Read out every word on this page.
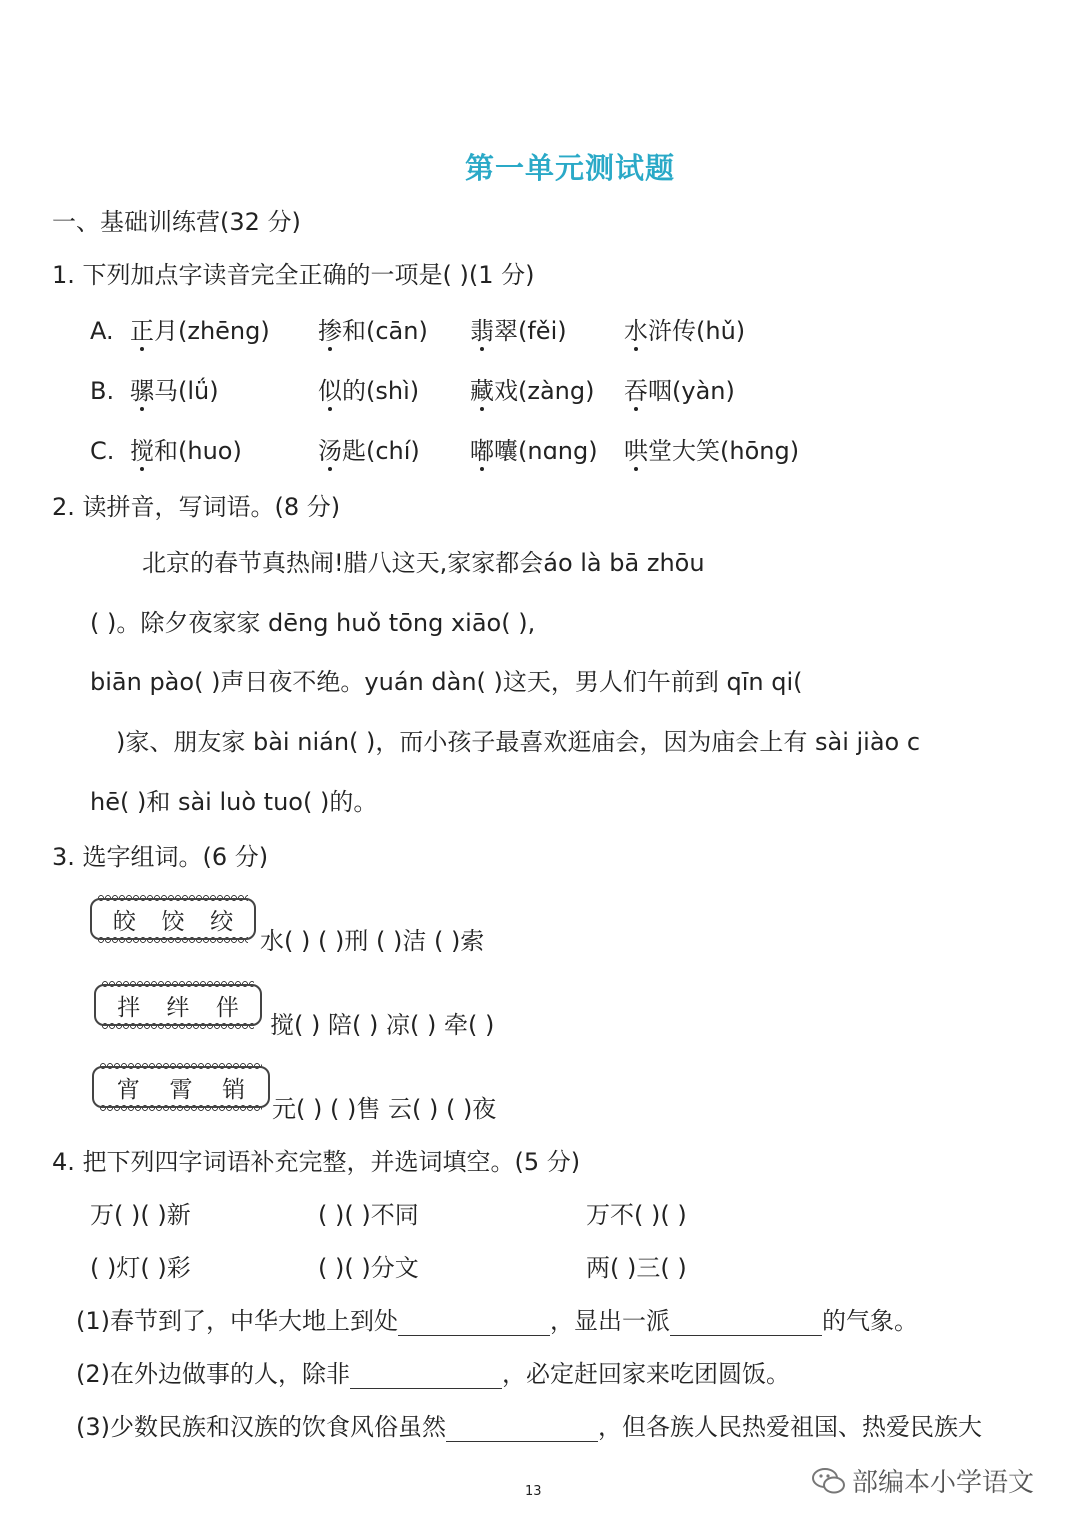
第一单元测试题
一、基础训练营(32 分)
1. 下列加点字读音完全正确的一项是( )(1 分)
A. 正月(zhēng) 掺和(cān) 翡翠(fěi) 水浒传(hǔ)
B. 骡马(lǘ)	似的(shì) 藏戏(zàng) 吞咽(yàn)
C. 搅和(huo)	汤匙(chí) 嘟囔(nɑng) 哄堂大笑(hōng)
2. 读拼音，写词语。(8 分)
北京的春节真热闹!腊八这天,家家都会áo là bā zhōu
( )。除夕夜家家 dēng huǒ tōng xiāo( ),
biān pào( )声日夜不绝。yuán dàn( )这天，男人们午前到 qīn qi(
)家、朋友家 bài nián( )，而小孩子最喜欢逛庙会，因为庙会上有 sài jiào c
hē( )和 sài luò tuo( )的。
3. 选字组词。(6 分)
皎 饺 绞
水( ) ( )刑 ( )洁 ( )索
拌 绊 伴
搅( ) 陪( ) 凉( ) 牵( )
宵 霄 销
元( ) ( )售 云( ) ( )夜
4. 把下列四字词语补充完整，并选词填空。(5 分)
万( )( )新	( )( )不同	万不( )( )
( )灯( )彩	( )( )分文	两( )三( )
(1)春节到了，中华大地上到处	，显出一派	的气象。
(2)在外边做事的人，除非	，必定赶回家来吃团圆饭。
(3)少数民族和汉族的饮食风俗虽然	，但各族人民热爱祖国、热爱民族大
13	部编本小学语文
